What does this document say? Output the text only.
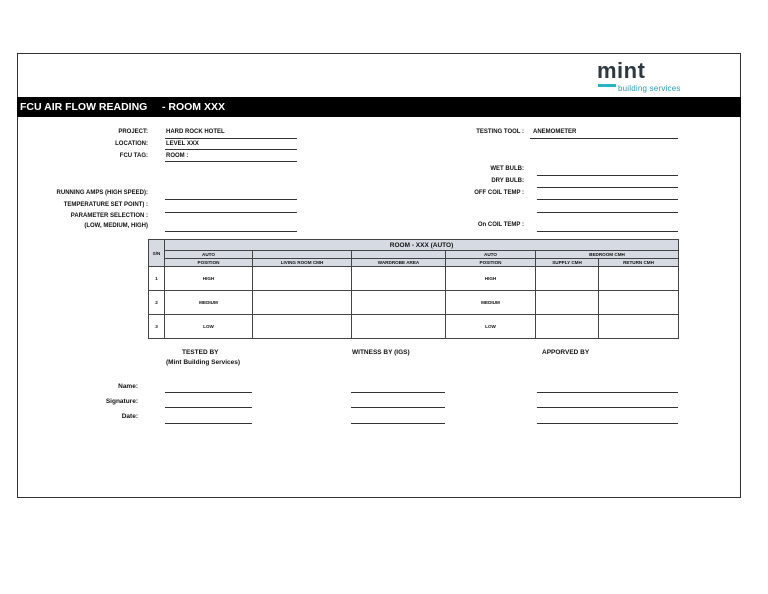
mint
building services
FCU AIR FLOW READING - ROOM XXX
PROJECT:	HARD ROCK HOTEL
LOCATION:	LEVEL XXX
FCU TAG:	ROOM :
RUNNING AMPS (HIGH SPEED):
TEMPERATURE SET POINT) :
PARAMETER SELECTION :
(LOW, MEDIUM, HIGH)
TESTING TOOL : ANEMOMETER
WET BULB:
DRY BULB:
OFF COIL TEMP :
On COIL TEMP :
S/N	ROOM - XXX (AUTO)					
	AUTO			AUTO	BEDROOM CMH	
	POSITION	LIVING ROOM CMH	WARDROBE AREA	POSITION	SUPPLY CMH	RETURN CMH
1	HIGH			HIGH		
2	MEDIUM			MEDIUM		
3	LOW			LOW		
TESTED BY
(Mint Building Services)
WITNESS BY (IGS)	APPORVED BY
Name:
Signature:
Date:
